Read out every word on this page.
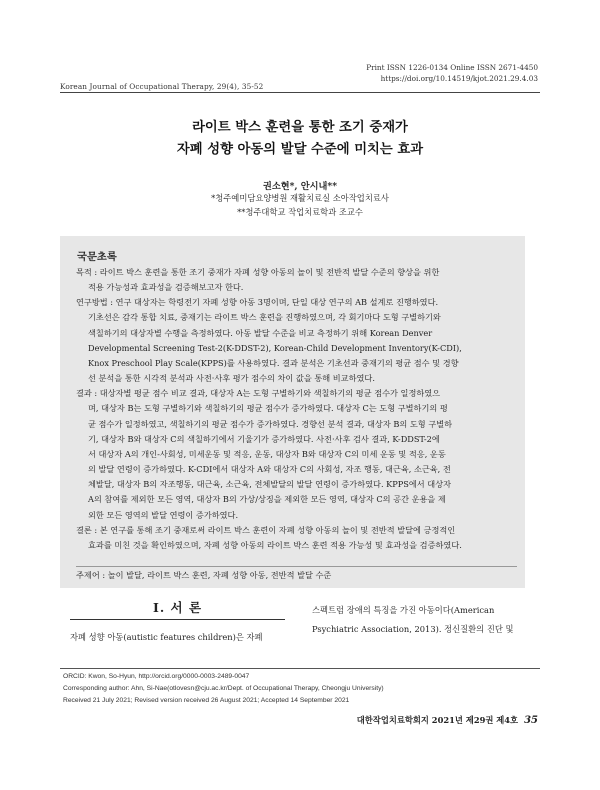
Korean Journal of Occupational Therapy, 29(4), 35-52
Print ISSN 1226-0134 Online ISSN 2671-4450
https://doi.org/10.14519/kjot.2021.29.4.03
라이트 박스 훈련을 통한 조기 중재가
자폐 성향 아동의 발달 수준에 미치는 효과
권소현*, 안시내**
*청주예미담요양병원 재활치료실 소아작업치료사
**청주대학교 작업치료학과 조교수
국문초록
목적 : 라이트 박스 훈련을 통한 조기 중재가 자폐 성향 아동의 놀이 및 전반적 발달 수준의 향상을 위한
적용 가능성과 효과성을 검증해보고자 한다.
연구방법 : 연구 대상자는 학령전기 자폐 성향 아동 3명이며, 단일 대상 연구의 AB 설계로 진행하였다.
기초선은 감각 통합 치료, 중재기는 라이트 박스 훈련을 진행하였으며, 각 회기마다 도형 구별하기와
색칠하기의 대상자별 수행을 측정하였다. 아동 발달 수준을 비교 측정하기 위해 Korean Denver
Developmental Screening Test-2(K-DDST-2), Korean-Child Development Inventory(K-CDI),
Knox Preschool Play Scale(KPPS)를 사용하였다. 결과 분석은 기초선과 중재기의 평균 점수 및 경향
선 분석을 통한 시각적 분석과 사전·사후 평가 점수의 차이 값을 통해 비교하였다.
결과 : 대상자별 평균 점수 비교 결과, 대상자 A는 도형 구별하기와 색칠하기의 평균 점수가 일정하였으
며, 대상자 B는 도형 구별하기와 색칠하기의 평균 점수가 증가하였다. 대상자 C는 도형 구별하기의 평
균 점수가 일정하였고, 색칠하기의 평균 점수가 증가하였다. 경향선 분석 결과, 대상자 B의 도형 구별하
기, 대상자 B와 대상자 C의 색칠하기에서 기울기가 증가하였다. 사전·사후 검사 결과, K-DDST-2에
서 대상자 A의 개인-사회성, 미세운동 및 적응, 운동, 대상자 B와 대상자 C의 미세 운동 및 적응, 운동
의 발달 연령이 증가하였다. K-CDI에서 대상자 A와 대상자 C의 사회성, 자조 행동, 대근육, 소근육, 전
체발달, 대상자 B의 자조행동, 대근육, 소근육, 전체발달의 발달 연령이 증가하였다. KPPS에서 대상자
A의 참여를 제외한 모든 영역, 대상자 B의 가상/상징을 제외한 모든 영역, 대상자 C의 공간 운용을 제
외한 모든 영역의 발달 연령이 증가하였다.
결론 : 본 연구를 통해 조기 중재로써 라이트 박스 훈련이 자폐 성향 아동의 놀이 및 전반적 발달에 긍정적인
효과를 미친 것을 확인하였으며, 자폐 성향 아동의 라이트 박스 훈련 적용 가능성 및 효과성을 검증하였다.
주제어 : 놀이 발달, 라이트 박스 훈련, 자폐 성향 아동, 전반적 발달 수준
Ⅰ. 서 론
자폐 성향 아동(autistic features children)은 자폐
스펙트럼 장애의 특징을 가진 아동이다(American
Psychiatric Association, 2013). 정신질환의 진단 및
ORCID: Kwon, So-Hyun, http://orcid.org/0000-0003-2489-0047
Corresponding author: Ahn, Si-Nae(otlovesn@cju.ac.kr/Dept. of Occupational Therapy, Cheongju University)
Received 21 July 2021; Revised version received 26 August 2021; Accepted 14 September 2021
대한작업치료학회지 2021년 제29권 제4호 35
